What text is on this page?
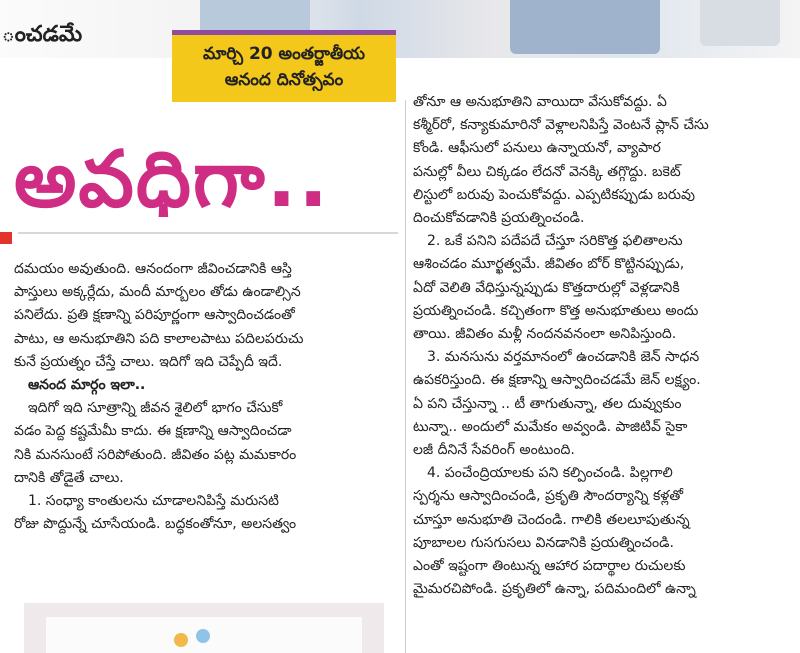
ంచడమే
మార్చి 20 అంతర్జాతీయ
ఆనంద దినోత్సవం
అవధిగా..

దమయం అవుతుంది. ఆనందంగా జీవించడానికి ఆస్తి

పాస్తులు అక్కర్లేదు, మందీ మార్బలం తోడు ఉండాల్సిన

పనిలేదు. ప్రతి క్షణాన్ని పరిపూర్ణంగా ఆస్వాదించడంతో

పాటు, ఆ అనుభూతిని పది కాలాలపాటు పదిలపరుచు

కునే ప్రయత్నం చేస్తే చాలు. ఇదిగో ఇది చెప్పేదీ ఇదే.

ఆనంద మార్గం ఇలా..

ఇదిగో ఇది సూత్రాన్ని జీవన శైలిలో భాగం చేసుకో

వడం పెద్ద కష్టమేమీ కాదు. ఈ క్షణాన్ని ఆస్వాదించడా

నికి మనసుంటే సరిపోతుంది. జీవితం పట్ల మమకారం

దానికి తోడైతే చాలు.

1. సంధ్యా కాంతులను చూడాలనిపిస్తే మరుసటి

రోజు పొద్దున్నే చూసేయండి. బద్ధకంతోనూ, అలసత్వం

తోనూ ఆ అనుభూతిని వాయిదా వేసుకోవద్దు. ఏ

కశ్మీర్‌రో, కన్యాకుమారినో వెళ్లాలనిపిస్తే వెంటనే ప్లాన్ చేసు

కోండి. ఆఫీసులో పనులు ఉన్నాయనో, వ్యాపార

పనుల్లో వీలు చిక్కడం లేదనో వెనక్కి తగ్గొద్దు. బకెట్

లిస్టులో బరువు పెంచుకోవద్దు. ఎప్పటికప్పుడు బరువు

దించుకోవడానికి ప్రయత్నించండి.

2. ఒకే పనిని పదేపదే చేస్తూ సరికొత్త ఫలితాలను

ఆశించడం మూర్ఖత్వమే. జీవితం బోర్ కొట్టినప్పుడు,

ఏదో వెలితి వేధిస్తున్నప్పుడు కొత్తదారుల్లో వెళ్లడానికి

ప్రయత్నించండి. కచ్చితంగా కొత్త అనుభూతులు అందు

తాయి. జీవితం మళ్లీ నందనవనంలా అనిపిస్తుంది.

3. మనసును వర్తమానంలో ఉంచడానికి జెన్ సాధన

ఉపకరిస్తుంది. ఈ క్షణాన్ని ఆస్వాదించడమే జెన్ లక్ష్యం.

ఏ పని చేస్తున్నా .. టీ తాగుతున్నా, తల దువ్వుకుం

టున్నా.. అందులో మమేకం అవ్వండి. పాజిటివ్ సైకా

లజీ దీనినే సేవరింగ్ అంటుంది.

4. పంచేంద్రియాలకు పని కల్పించండి. పిల్లగాలి

స్పర్శను ఆస్వాదించండి, ప్రకృతి సౌందర్యాన్ని కళ్లతో

చూస్తూ అనుభూతి చెందండి. గాలికి తలలూపుతున్న

పూబాలల గుసగుసలు వినడానికి ప్రయత్నించండి.

ఎంతో ఇష్టంగా తింటున్న ఆహార పదార్థాల రుచులకు

మైమరచిపోండి. ప్రకృతిలో ఉన్నా, పదిమందిలో ఉన్నా
